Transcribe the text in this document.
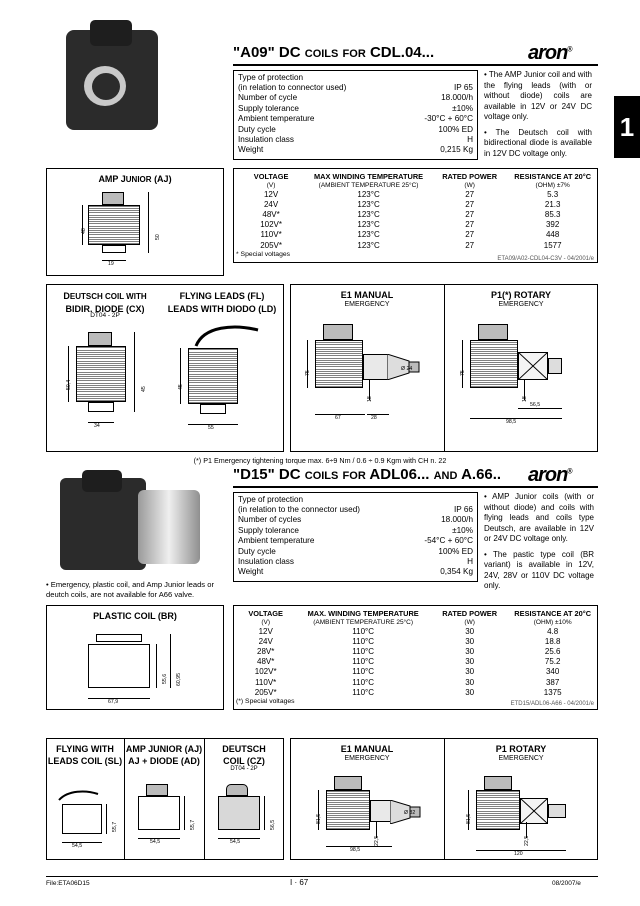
1
"A09" DC COILS FOR CDL.04...	aron®
Type of protection	
(in relation to connector used)	IP 65
Number of cycle	18.000/h
Supply tolerance	±10%
Ambient temperature	-30°C + 60°C
Duty cycle	100% ED
Insulation class	H
Weight	0,215 Kg

• The AMP Junior coil and with the flying leads (with or without diode) coils are available in 12V or 24V DC voltage only.

• The Deutsch coil with bidirectional diode is available in 12V DC voltage only.

VOLTAGE	MAX WINDING TEMPERATURE	RATED POWER	RESISTANCE AT 20°C
(V)	(AMBIENT TEMPERATURE 25°C)	(W)	(OHM) ±7%
12V	123°C	27	5.3
24V	123°C	27	21.3
48V*	123°C	27	85.3
102V*	123°C	27	392
110V*	123°C	27	448
205V*	123°C	27	1577
* Special voltages
ETA09/A02-CDL04-C3V - 04/2001/e
AMP JUNIOR (AJ)
48
50
19
DEUTSCH COIL WITH
BIDIR. DIODE (CX)
DT04 - 2P
FLYING LEADS (FL)
LEADS WITH DIODO (LD)
50,4	45
34
45
55
E1 MANUAL
EMERGENCY
P1(*) ROTARY
EMERGENCY
75
18
67	28
Ø 24
75
18
56,5
98,5
(*) P1 Emergency tightening torque max. 6÷9 Nm / 0.6 ÷ 0.9 Kgm with CH n. 22
• Emergency, plastic coil, and Amp Junior leads or deutch coils, are not available for A66 valve.
"D15" DC COILS FOR ADL06... AND A.66.. aron®
Type of protection	
(in relation to the connector used)	IP 66
Number of cycles	18.000/h
Supply tolerance	±10%
Ambient temperature	-54°C + 60°C
Duty cycle	100% ED
Insulation class	H
Weight	0,354 Kg

• AMP Junior coils (with or without diode) and coils with flying leads and coils type Deutsch, are available in 12V or 24V DC voltage only.

• The pastic type coil (BR variant) is available in 12V, 24V, 28V or 110V DC voltage only.

VOLTAGE	MAX. WINDING TEMPERATURE	RATED POWER	RESISTANCE AT 20°C
(V)	(AMBIENT TEMPERATURE 25°C)	(W)	(OHM) ±10%
12V	110°C	30	4.8
24V	110°C	30	18.8
28V*	110°C	30	25.6
48V*	110°C	30	75.2
102V*	110°C	30	340
110V*	110°C	30	387
205V*	110°C	30	1375
(*) Special voltages	ETD15/ADL06-A66 - 04/2001/e
PLASTIC COIL (BR)
55,6 60,95
67,9
FLYING WITH
LEADS COIL (SL)
AMP JUNIOR (AJ)
AJ + DIODE (AD)
DEUTSCH
COIL (CZ)
DT04 - 2P
55,7
54,5
55,7
54,5
56,5
54,5
E1 MANUAL
EMERGENCY
P1 ROTARY
EMERGENCY
81,5
22,5
98,5
Ø 32
81,5
22,5
120
File:ETA06D15	I · 67	08/2007/e
